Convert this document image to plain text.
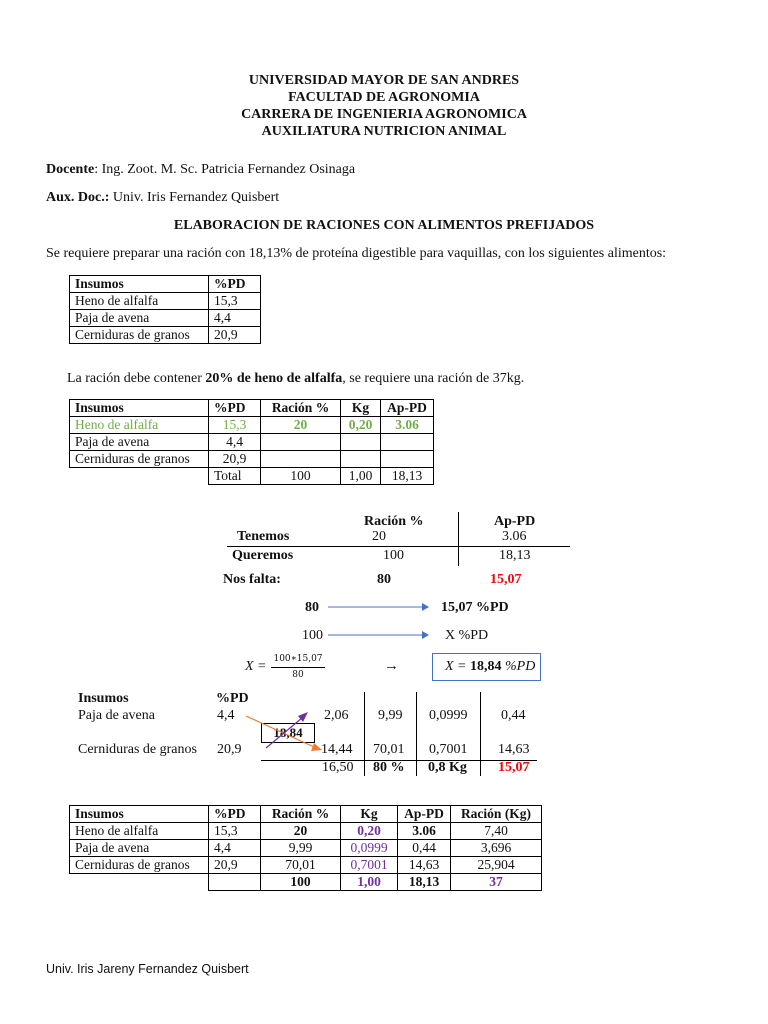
UNIVERSIDAD MAYOR DE SAN ANDRES
FACULTAD DE AGRONOMIA
CARRERA DE INGENIERIA AGRONOMICA
AUXILIATURA NUTRICION ANIMAL
Docente: Ing. Zoot. M. Sc. Patricia Fernandez Osinaga
Aux. Doc.: Univ. Iris Fernandez Quisbert
ELABORACION DE RACIONES CON ALIMENTOS PREFIJADOS
Se requiere preparar una ración con 18,13% de proteína digestible para vaquillas, con los siguientes alimentos:
Insumos	%PD
Heno de alfalfa	15,3
Paja de avena	4,4
Cerniduras de granos	20,9
La ración debe contener 20% de heno de alfalfa, se requiere una ración de 37kg.
Insumos	%PD	Ración %	Kg	Ap-PD
Heno de alfalfa	15,3	20	0,20	3.06
Paja de avena	4,4			
Cerniduras de granos	20,9			
	Total	100	1,00	18,13
Ración %	Ap-PD
Tenemos	20	3.06
Queremos	100	18,13
Nos falta:	80	15,07
80	15,07 %PD
100	X %PD
X = 100∗15,07
80
→	X = 18,84 %PD
Insumos	%PD
Paja de avena	4,4	2,06 9,99 0,0999 0,44
18,84
Cerniduras de granos 20,9	14,44 70,01 0,7001 14,63
16,50 80 % 0,8 Kg 15,07
Insumos	%PD	Ración %	Kg	Ap-PD	Ración (Kg)
Heno de alfalfa	15,3	20	0,20	3.06	7,40
Paja de avena	4,4	9,99	0,0999	0,44	3,696
Cerniduras de granos	20,9	70,01	0,7001	14,63	25,904
		100	1,00	18,13	37
Univ. Iris Jareny Fernandez Quisbert
